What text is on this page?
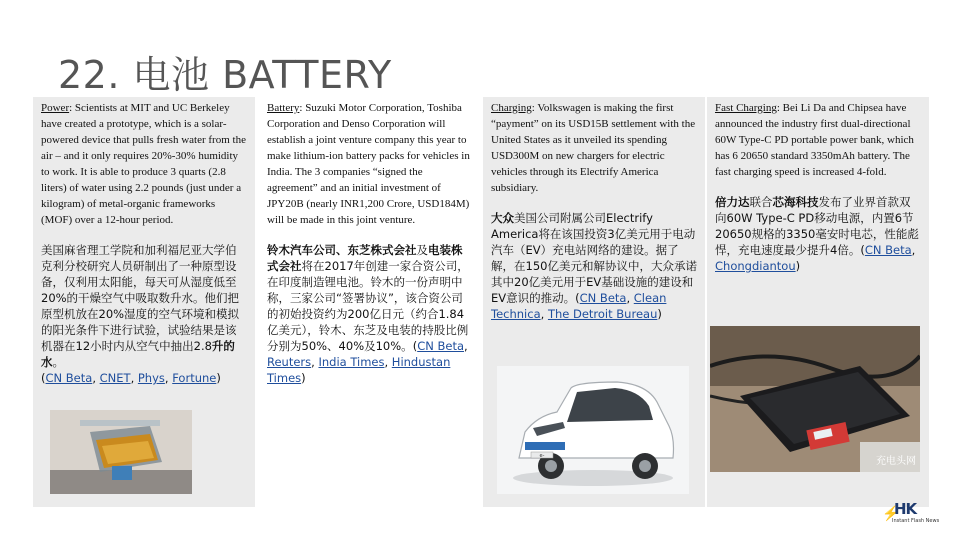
22. 电池 BATTERY

Power: Scientists at MIT and UC Berkeley have created a prototype, which is a solar-powered device that pulls fresh water from the air – and it only requires 20%-30% humidity to work. It is able to produce 3 quarts (2.8 liters) of water using 2.2 pounds (just under a kilogram) of metal-organic frameworks (MOF) over a 12-hour period.

美国麻省理工学院和加利福尼亚大学伯克利分校研究人员研制出了一种原型设备，仅利用太阳能，每天可从湿度低至20%的干燥空气中吸取数升水。他们把原型机放在20%湿度的空气环境和模拟的阳光条件下进行试验，试验结果是该机器在12小时内从空气中抽出2.8升的水。
(CN Beta, CNET, Phys, Fortune)

Battery: Suzuki Motor Corporation, Toshiba Corporation and Denso Corporation will establish a joint venture company this year to make lithium-ion battery packs for vehicles in India. The 3 companies “signed the agreement” and an initial investment of JPY20B (nearly INR1,200 Crore, USD184M) will be made in this joint venture.

铃木汽车公司、东芝株式会社及电装株式会社将在2017年创建一家合资公司，在印度制造锂电池。铃木的一份声明中称，三家公司“签署协议”，该合资公司的初始投资约为200亿日元（约合1.84亿美元），铃木、东芝及电装的持股比例分别为50%、40%及10%。(CN Beta, Reuters, India Times, Hindustan Times)

Charging: Volkswagen is making the first “payment” on its USD15B settlement with the United States as it unveiled its spending USD300M on new chargers for electric vehicles through its Electrify America subsidiary.

大众美国公司附属公司Electrify America将在该国投资3亿美元用于电动汽车（EV）充电站网络的建设。据了解，在150亿美元和解协议中，大众承诺其中20亿美元用于EV基础设施的建设和EV意识的推动。(CN Beta, Clean Technica, The Detroit Bureau)

Fast Charging: Bei Li Da and Chipsea have announced the industry first dual-directional 60W Type-C PD portable power bank, which has 6 20650 standard 3350mAh battery. The fast charging speed is increased 4-fold.

倍力达联合芯海科技发布了业界首款双向60W Type-C PD移动电源，内置6节20650规格的3350毫安时电芯，性能彪悍，充电速度最少提升4倍。(CN Beta, Chongdiantou)

e-	充电头网
⚡
HK
Instant Flash News
